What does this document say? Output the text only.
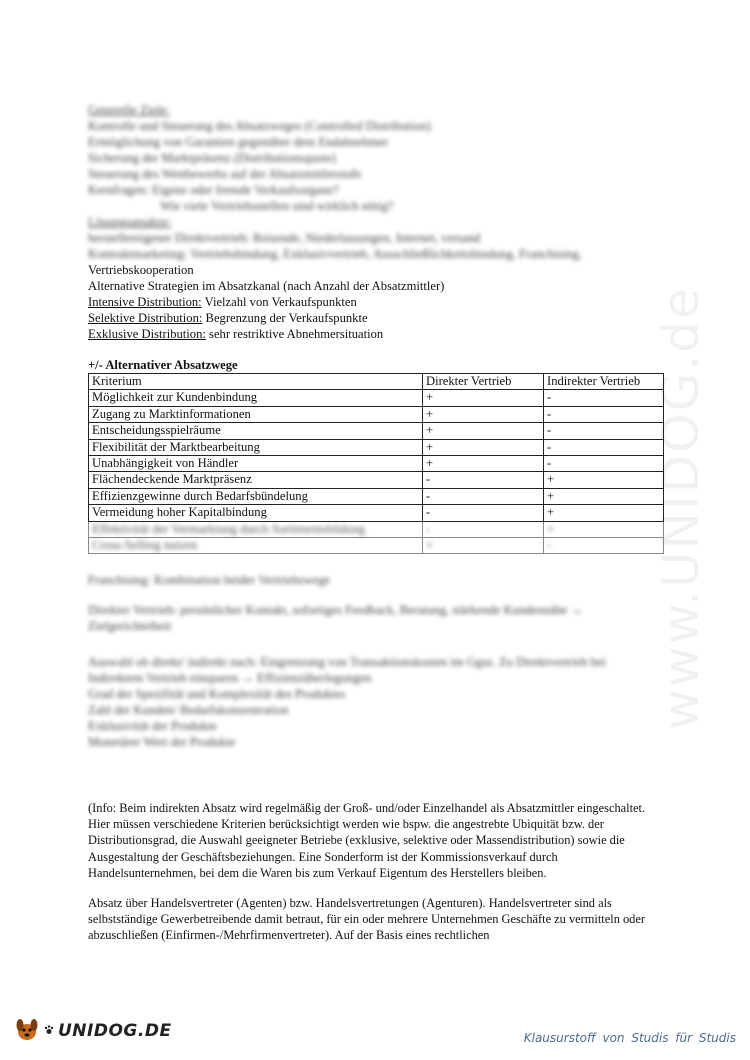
www.UNIDOG.de
Generelle Ziele:
Kontrolle und Steuerung des Absatzweges (Controlled Distribution)
Ermöglichung von Garantien gegenüber dem Endabnehmer
Sicherung der Marktpräsenz (Distributionsquote)
Steuerung des Wettbewerbs auf der Absatzmittlerstufe
Kernfragen: Eigene oder fremde Verkaufsorgane?
Wie viele Vertriebsstellen sind wirklich nötig?
Lösungsansätze:
herstellereigener Direktvertrieb: Reisende, Niederlassungen, Internet, versand
Kontraktmarketing: Vertriebsbindung, Exklusivvertrieb, Ausschließlichkeitsbindung, Franchising,
Vertriebskooperation
Alternative Strategien im Absatzkanal (nach Anzahl der Absatzmittler)
Intensive Distribution: Vielzahl von Verkaufspunkten
Selektive Distribution: Begrenzung der Verkaufspunkte
Exklusive Distribution: sehr restriktive Abnehmersituation
+/- Alternativer Absatzwege
Kriterium	Direkter Vertrieb	Indirekter Vertrieb
Möglichkeit zur Kundenbindung	+	-
Zugang zu Marktinformationen	+	-
Entscheidungsspielräume	+	-
Flexibilität der Marktbearbeitung	+	-
Unabhängigkeit von Händler	+	-
Flächendeckende Marktpräsenz	-	+
Effizienzgewinne durch Bedarfsbündelung	-	+
Vermeidung hoher Kapitalbindung	-	+
Effektivität der Vermarktung durch Sortimentsbildung	-	+
Cross-Selling nutzen	+	-
Franchising: Kombination beider Vertriebswege
Direkter Vertrieb: persönlicher Kontakt, sofortiges Feedback, Beratung, stärkende Kundennähe →
Zielgerichtetheit
Auswahl ob direkt/ indirekt nach: Eingrenzung von Transaktionskosten im Ggsz. Zu Direktvertrieb bei
Indirektem Vertrieb einsparen → Effizienzüberlegungen
Grad der Spezifität und Komplexität des Produktes
Zahl der Kunden/ Bedarfskonzentration
Exklusivität der Produkte
Monetärer Wert der Produkte

(Info: Beim indirekten Absatz wird regelmäßig der Groß- und/oder Einzelhandel als Absatzmittler eingeschaltet. Hier müssen verschiedene Kriterien berücksichtigt werden wie bspw. die angestrebte Ubiquität bzw. der Distributionsgrad, die Auswahl geeigneter Betriebe (exklusive, selektive oder Massendistribution) sowie die Ausgestaltung der Geschäftsbeziehungen. Eine Sonderform ist der Kommissionsverkauf durch Handelsunternehmen, bei dem die Waren bis zum Verkauf Eigentum des Herstellers bleiben.

Absatz über Handelsvertreter (Agenten) bzw. Handelsvertretungen (Agenturen). Handelsvertreter sind als selbstständige Gewerbetreibende damit betraut, für ein oder mehrere Unternehmen Geschäfte zu vermitteln oder abzuschließen (Einfirmen-/Mehrfirmenvertreter). Auf der Basis eines rechtlichen

UNIDOG.DE	Klausurstoff von Studis für Studis
